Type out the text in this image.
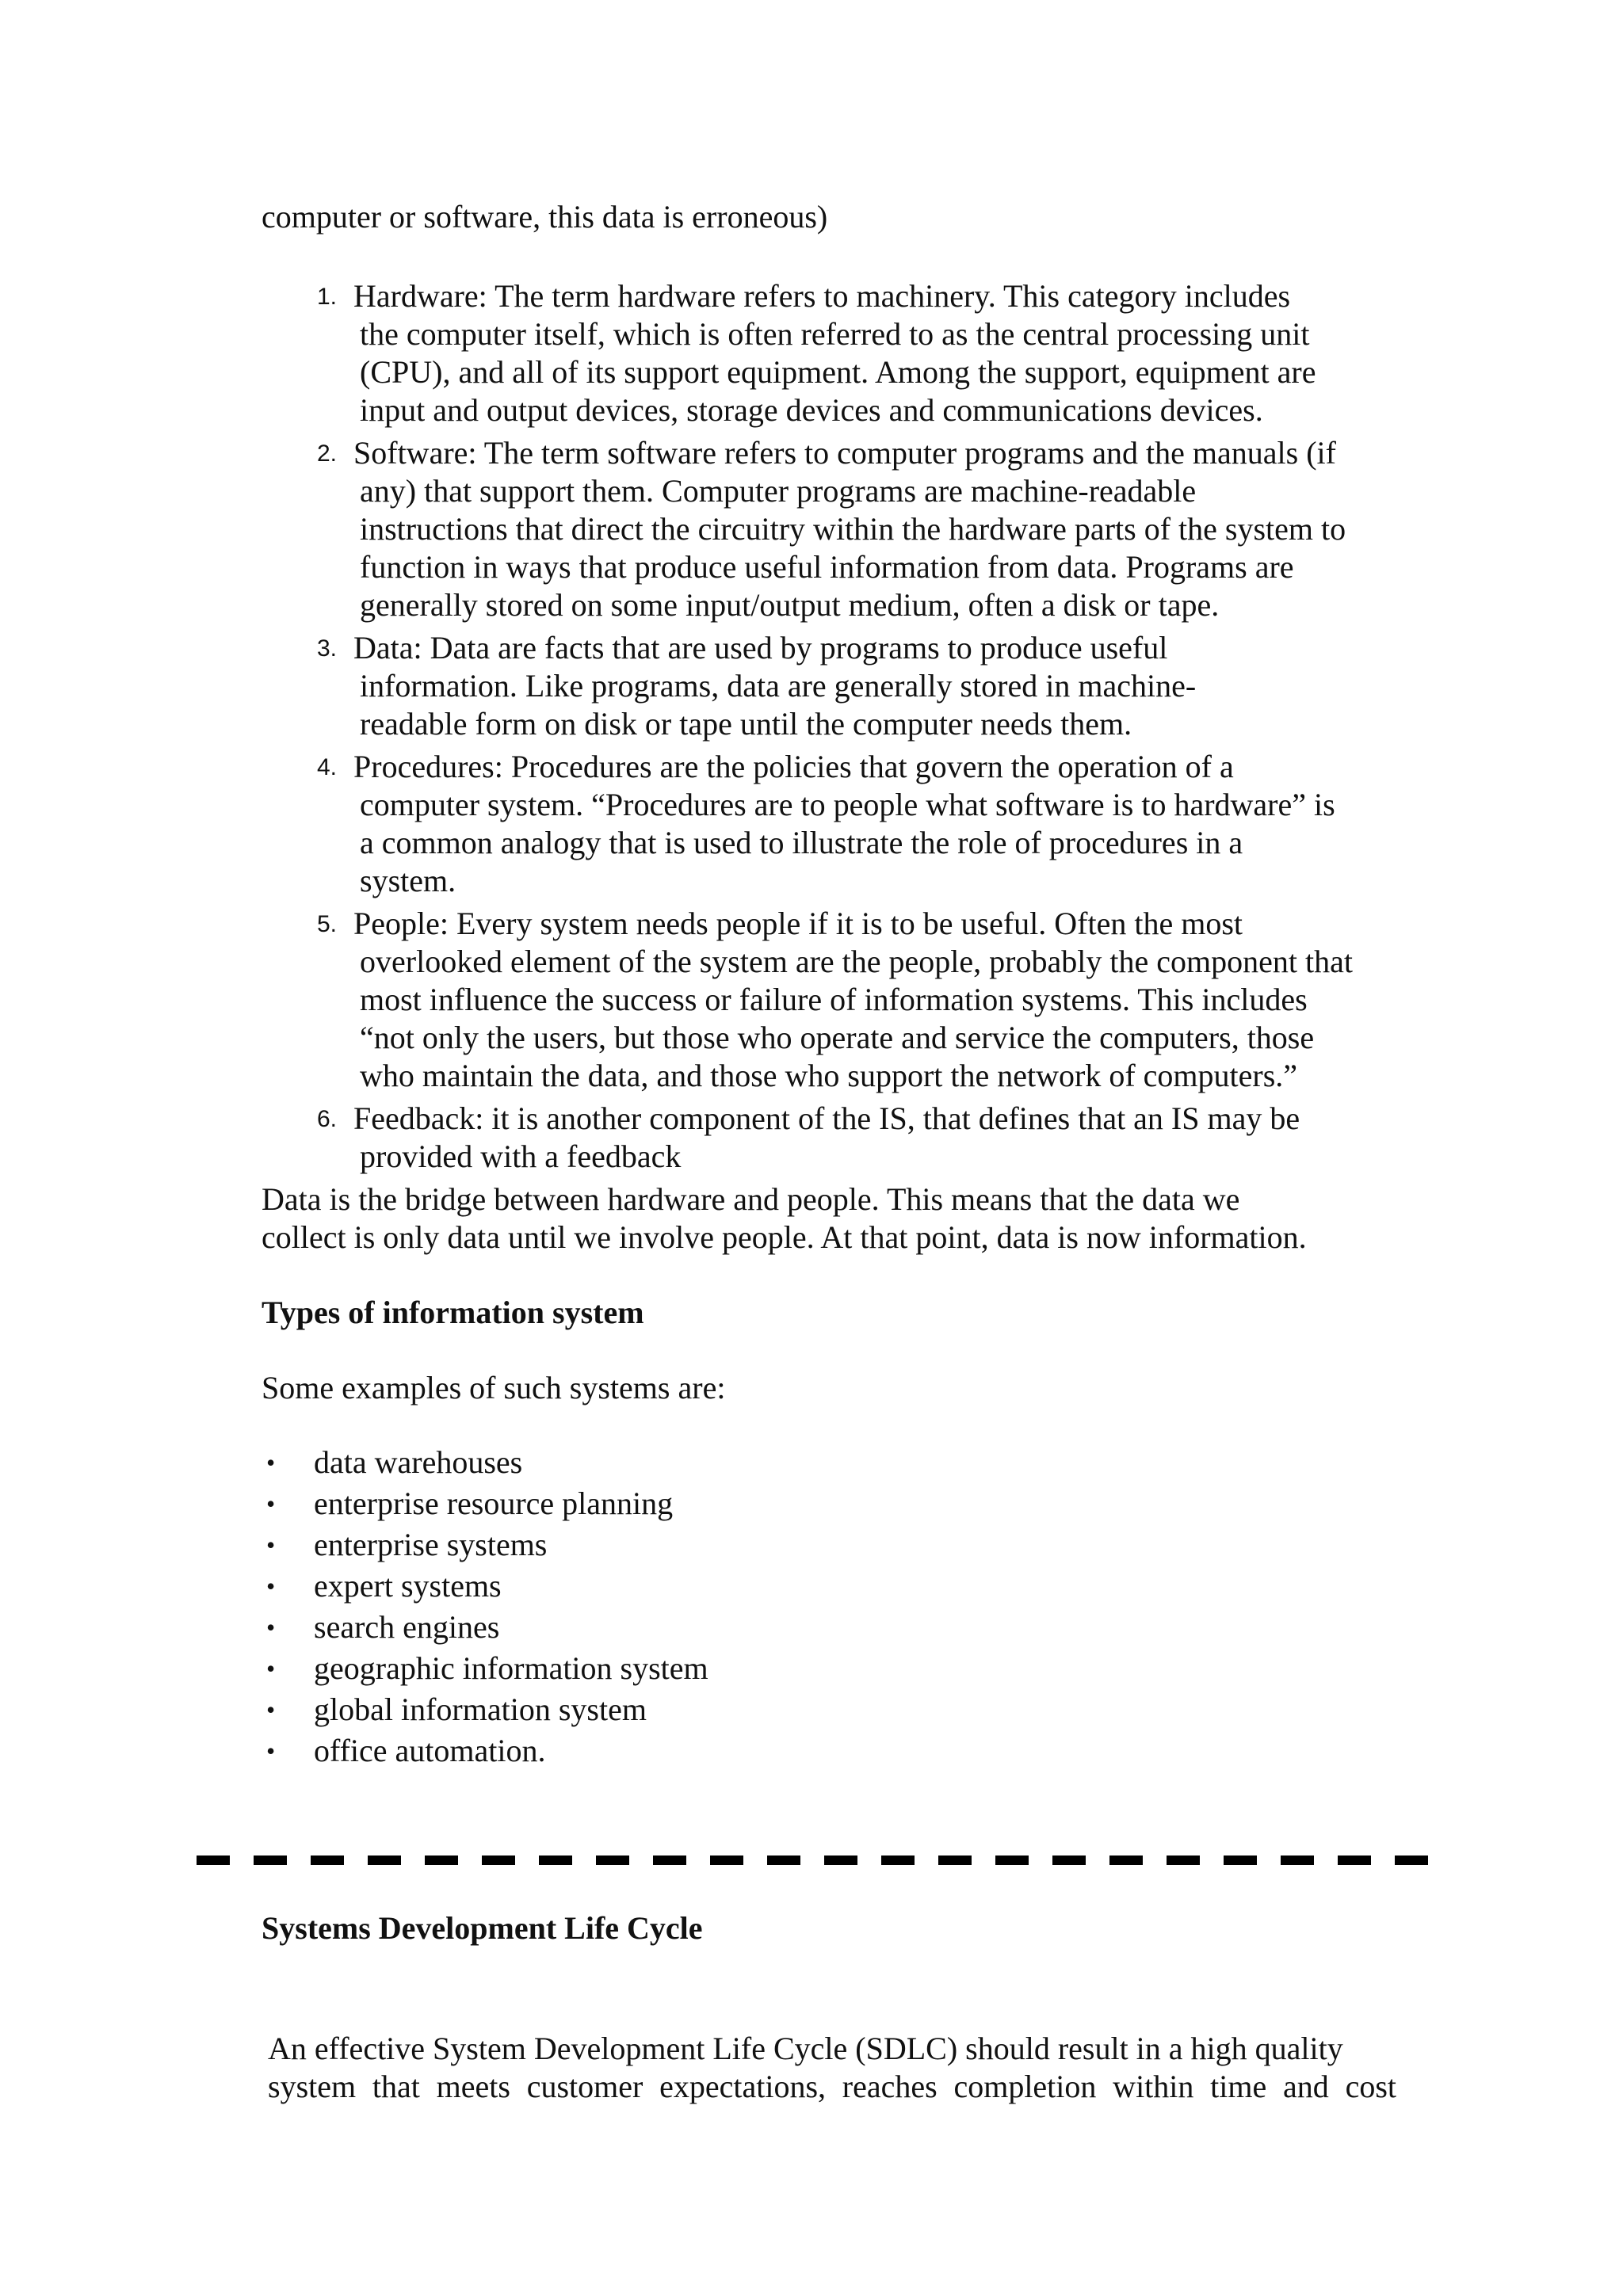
computer or software, this data is erroneous)
1. Hardware: The term hardware refers to machinery. This category includes
the computer itself, which is often referred to as the central processing unit
(CPU), and all of its support equipment. Among the support, equipment are
input and output devices, storage devices and communications devices.
2. Software: The term software refers to computer programs and the manuals (if
any) that support them. Computer programs are machine-readable
instructions that direct the circuitry within the hardware parts of the system to
function in ways that produce useful information from data. Programs are
generally stored on some input/output medium, often a disk or tape.
3. Data: Data are facts that are used by programs to produce useful
information. Like programs, data are generally stored in machine-
readable form on disk or tape until the computer needs them.
4. Procedures: Procedures are the policies that govern the operation of a
computer system. “Procedures are to people what software is to hardware” is
a common analogy that is used to illustrate the role of procedures in a
system.
5. People: Every system needs people if it is to be useful. Often the most
overlooked element of the system are the people, probably the component that
most influence the success or failure of information systems. This includes
“not only the users, but those who operate and service the computers, those
who maintain the data, and those who support the network of computers.”
6. Feedback: it is another component of the IS, that defines that an IS may be
provided with a feedback
Data is the bridge between hardware and people. This means that the data we
collect is only data until we involve people. At that point, data is now information.
Types of information system
Some examples of such systems are:
• data warehouses
• enterprise resource planning
• enterprise systems
• expert systems
• search engines
• geographic information system
• global information system
• office automation.
Systems Development Life Cycle
An effective System Development Life Cycle (SDLC) should result in a high quality
system that meets customer expectations, reaches completion within time and cost
